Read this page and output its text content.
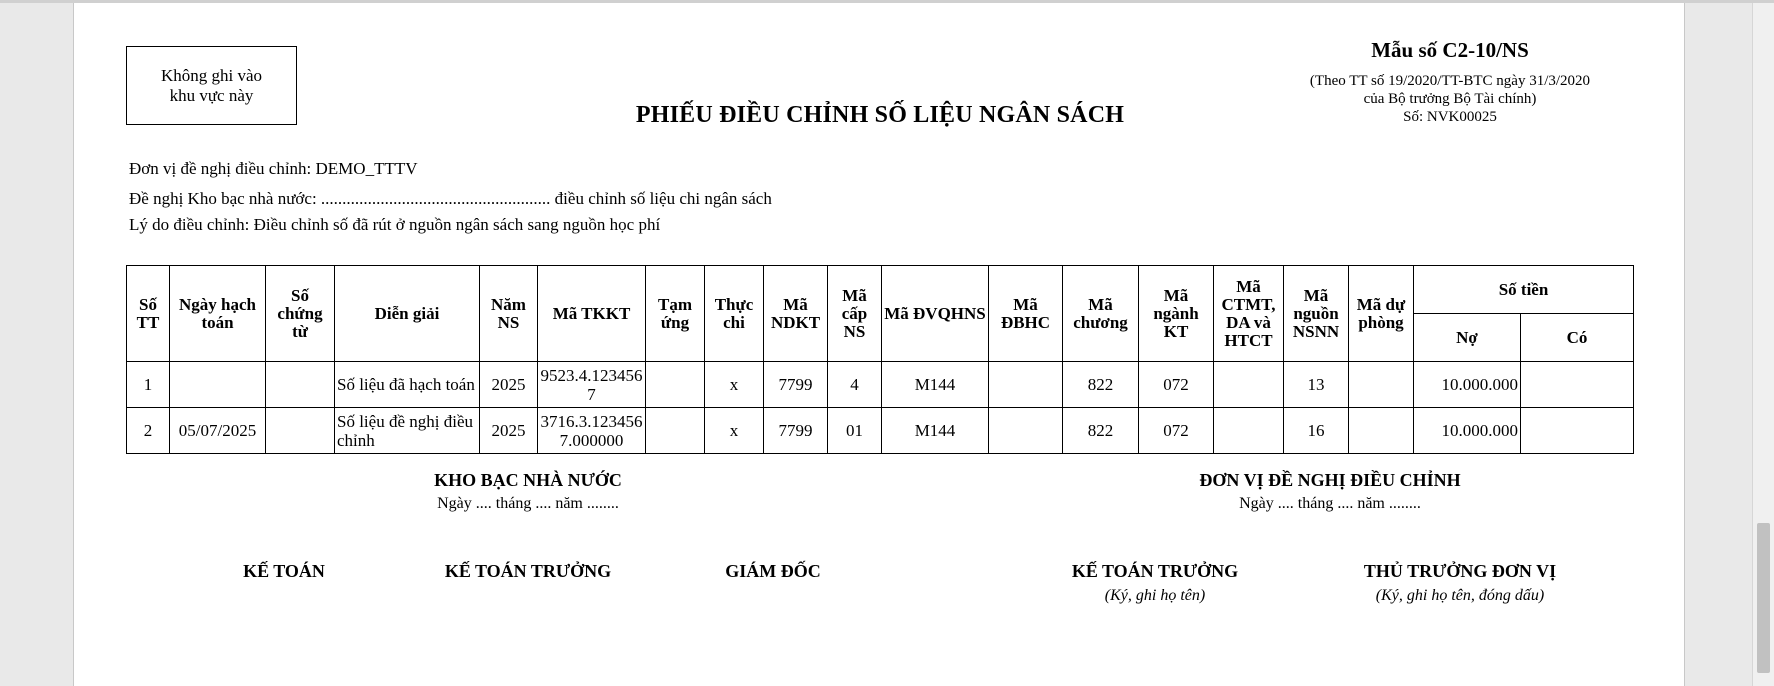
Không ghi vào
khu vực này
Mẫu số C2-10/NS
(Theo TT số 19/2020/TT-BTC ngày 31/3/2020
của Bộ trưởng Bộ Tài chính)
Số: NVK00025
PHIẾU ĐIỀU CHỈNH SỐ LIỆU NGÂN SÁCH
Đơn vị đề nghị điều chỉnh: DEMO_TTTV
Đề nghị Kho bạc nhà nước: ...................................................... điều chỉnh số liệu chi ngân sách
Lý do điều chỉnh: Điều chỉnh số đã rút ở nguồn ngân sách sang nguồn học phí
Số TT	Ngày hạch toán	Số chứng từ	Diễn giải	Năm NS	Mã TKKT	Tạm ứng	Thực chi	Mã NDKT	Mã cấp NS	Mã ĐVQHNS	Mã ĐBHC	Mã chương	Mã ngành KT	Mã CTMT, DA và HTCT	Mã nguồn NSNN	Mã dự phòng	Số tiền	
																	Nợ	Có
1			Số liệu đã hạch toán	2025	9523.4.1234567		x	7799	4	M144		822	072		13		10.000.000	
2	05/07/2025		Số liệu đề nghị điều chỉnh	2025	3716.3.1234567.000000		x	7799	01	M144		822	072		16		10.000.000	
KHO BẠC NHÀ NƯỚC
Ngày .... tháng .... năm ........
ĐƠN VỊ ĐỀ NGHỊ ĐIỀU CHỈNH
Ngày .... tháng .... năm ........
KẾ TOÁN	KẾ TOÁN TRƯỞNG	GIÁM ĐỐC	KẾ TOÁN TRƯỞNG
(Ký, ghi họ tên)
THỦ TRƯỞNG ĐƠN VỊ
(Ký, ghi họ tên, đóng dấu)
